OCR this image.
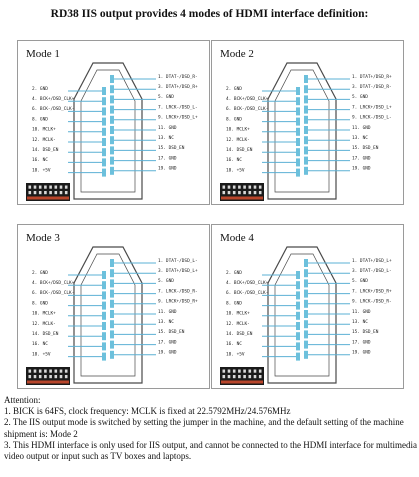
RD38 IIS output provides 4 modes of HDMI interface definition:
Mode 1
2. GND
4. BCK+/DSD_CLK+
6. BCK-/DSD_CLK-
8. GND
10. MCLK+
12. MCLK-
14. DSD_EN
16. NC
18. +5V
1. DTAT-/DSD_R-
3. DTAT+/DSD_R+
5. GND
7. LRCK-/DSD_L-
9. LRCK+/DSD_L+
11. GND
13. NC
15. DSD_EN
17. GND
19. GND
Mode 2
2. GND
4. BCK+/DSD_CLK+
6. BCK-/DSD_CLK-
8. GND
10. MCLK+
12. MCLK-
14. DSD_EN
16. NC
18. +5V
1. DTAT+/DSD_R+
3. DTAT-/DSD_R-
5. GND
7. LRCK+/DSD_L+
9. LRCK-/DSD_L-
11. GND
13. NC
15. DSD_EN
17. GND
19. GND
Mode 3
2. GND
4. BCK+/DSD_CLK+
6. BCK-/DSD_CLK-
8. GND
10. MCLK+
12. MCLK-
14. DSD_EN
16. NC
18. +5V
1. DTAT-/DSD_L-
3. DTAT+/DSD_L+
5. GND
7. LRCK-/DSD_R-
9. LRCK+/DSD_R+
11. GND
13. NC
15. DSD_EN
17. GND
19. GND
Mode 4
2. GND
4. BCK+/DSD_CLK+
6. BCK-/DSD_CLK-
8. GND
10. MCLK+
12. MCLK-
14. DSD_EN
16. NC
18. +5V
1. DTAT+/DSD_L+
3. DTAT-/DSD_L-
5. GND
7. LRCK+/DSD_R+
9. LRCK-/DSD_R-
11. GND
13. NC
15. DSD_EN
17. GND
19. GND
Attention:
1. BICK is 64FS, clock frequency: MCLK is fixed at 22.5792MHz/24.576MHz
2. The IIS output mode is switched by setting the jumper in the machine, and the default setting of the machine shipment is: Mode 2
3. This HDMI interface is only used for IIS output, and cannot be connected to the HDMI interface for multimedia video output or input such as TV boxes and laptops.
